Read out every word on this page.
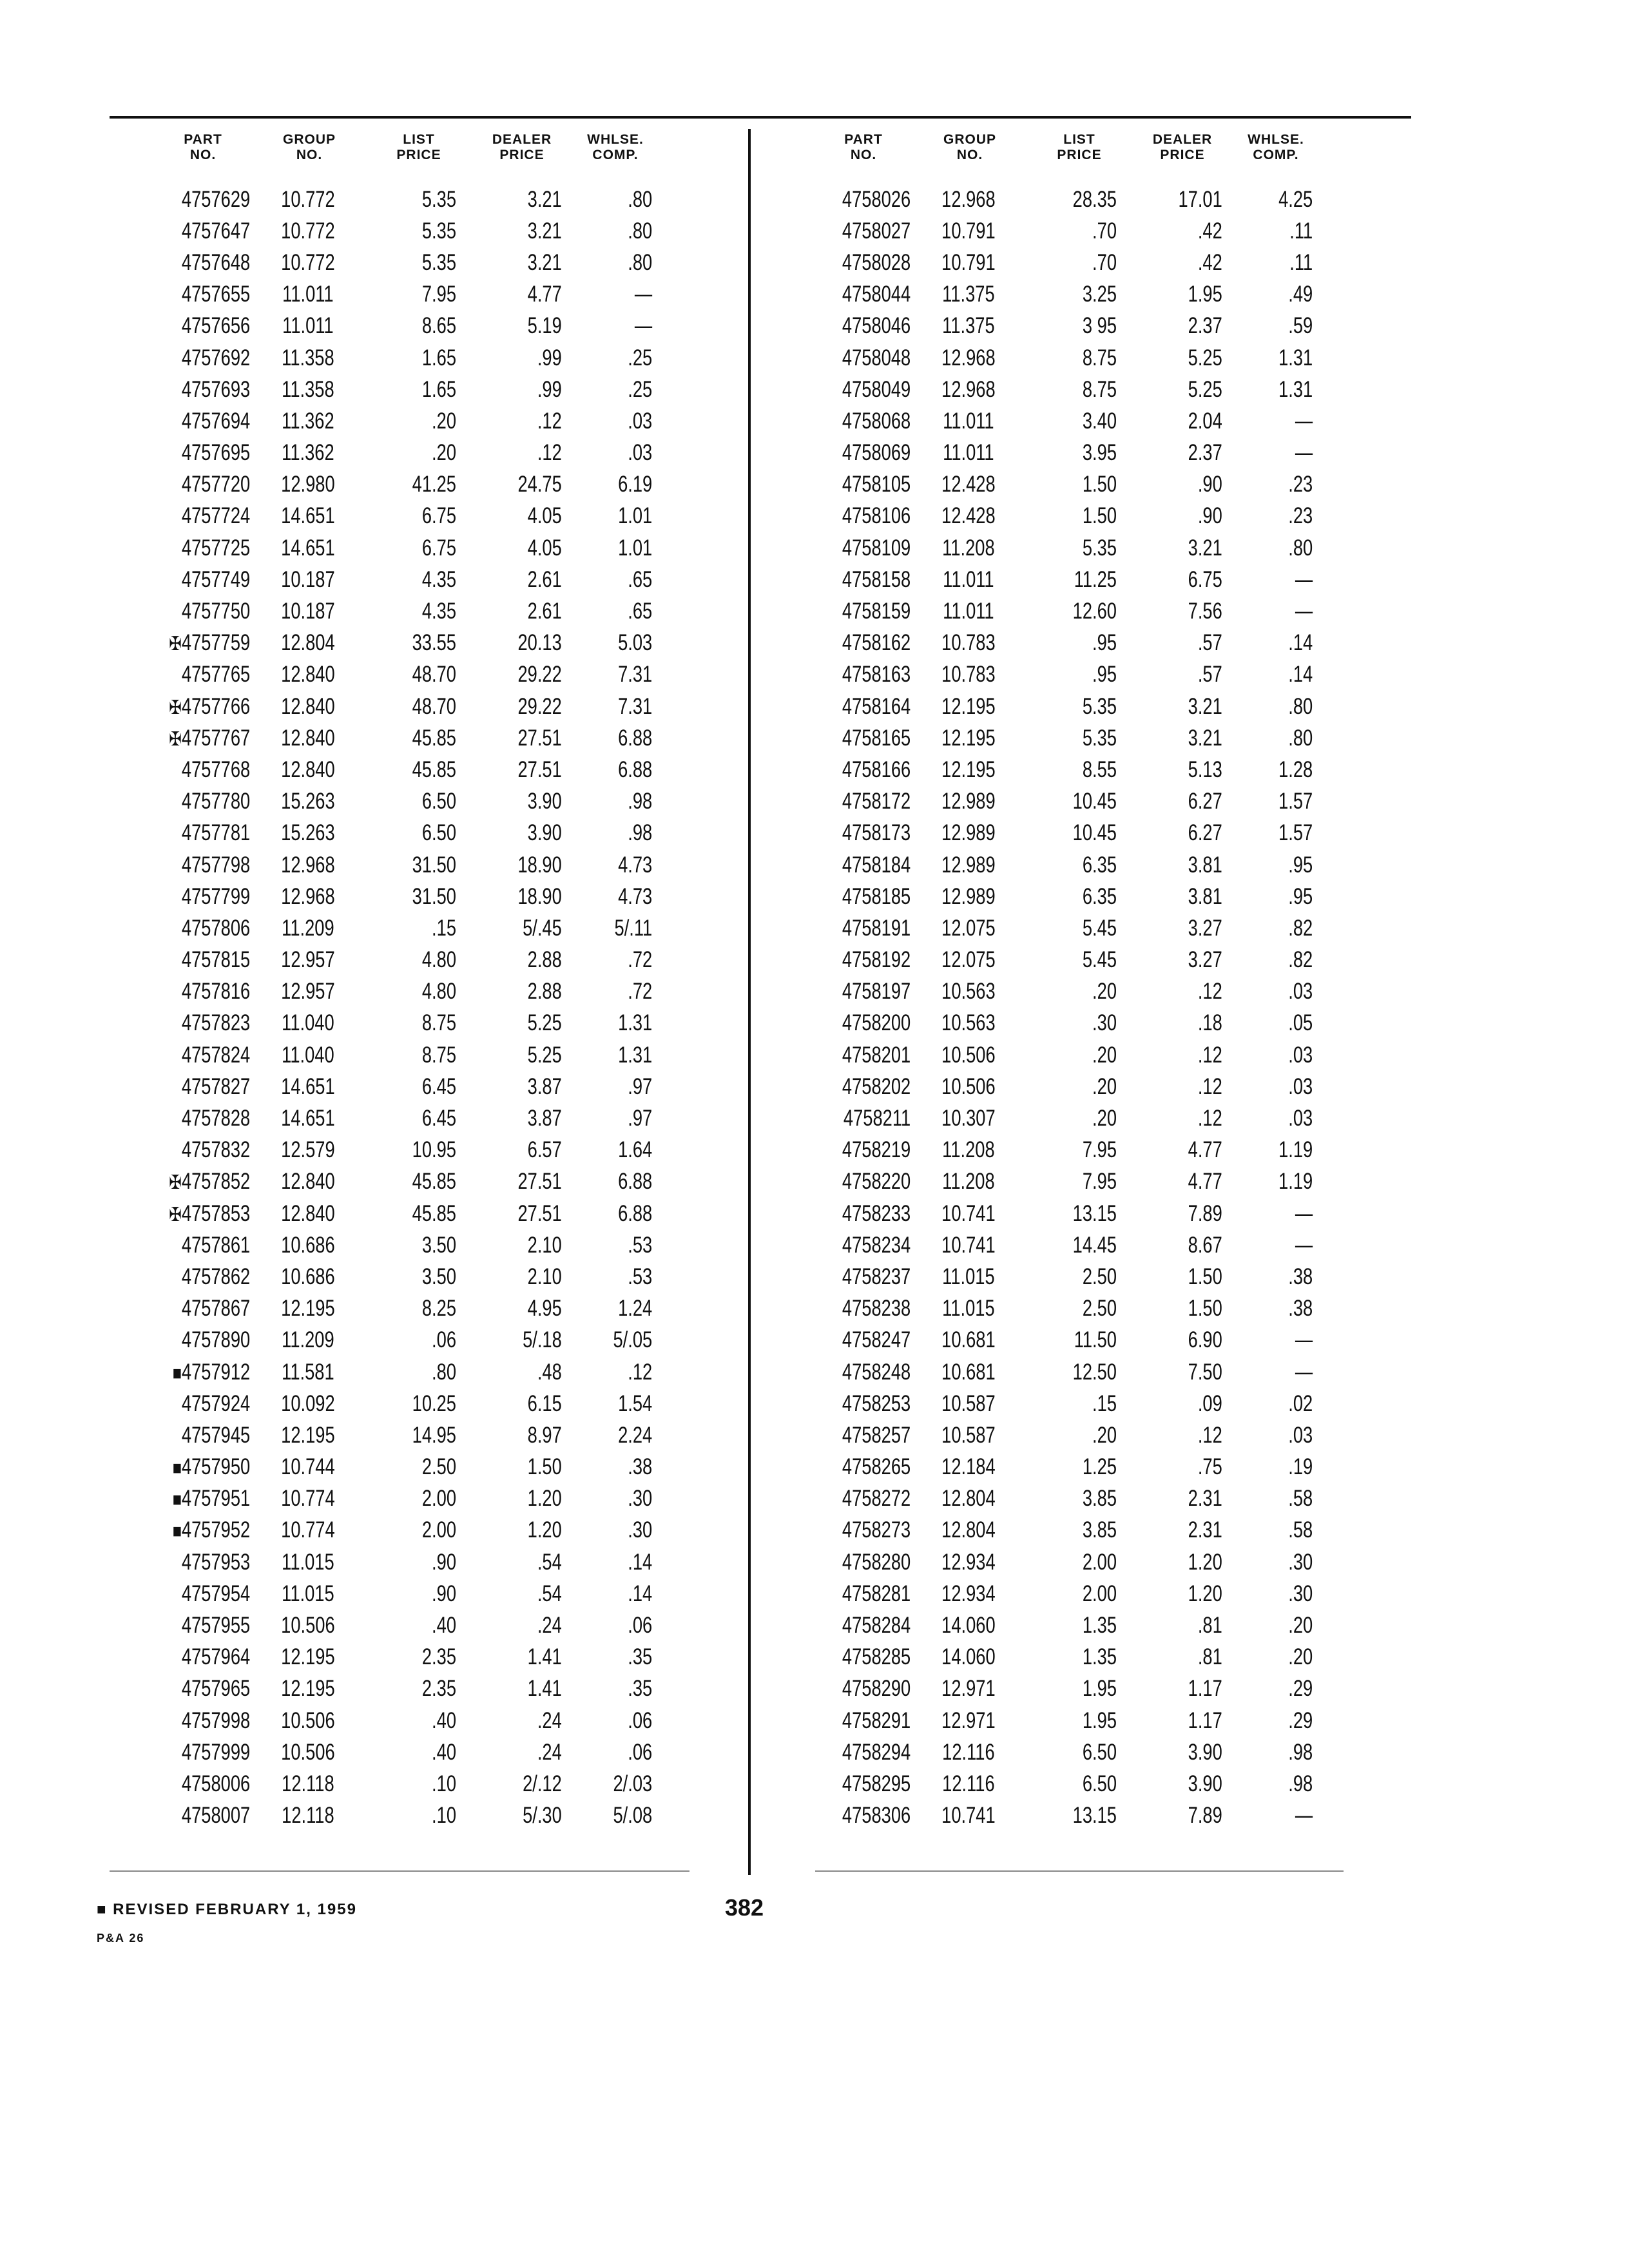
PART
NO.
GROUP
NO.
LIST
PRICE
DEALER
PRICE
WHLSE.
COMP.
4757629	10.772	5.35	3.21	.80
4757647	10.772	5.35	3.21	.80
4757648	10.772	5.35	3.21	.80
4757655	11.011	7.95	4.77	—
4757656	11.011	8.65	5.19	—
4757692	11.358	1.65	.99	.25
4757693	11.358	1.65	.99	.25
4757694	11.362	.20	.12	.03
4757695	11.362	.20	.12	.03
4757720	12.980	41.25	24.75	6.19
4757724	14.651	6.75	4.05	1.01
4757725	14.651	6.75	4.05	1.01
4757749	10.187	4.35	2.61	.65
4757750	10.187	4.35	2.61	.65
✠4757759	12.804	33.55	20.13	5.03
4757765	12.840	48.70	29.22	7.31
✠4757766	12.840	48.70	29.22	7.31
✠4757767	12.840	45.85	27.51	6.88
4757768	12.840	45.85	27.51	6.88
4757780	15.263	6.50	3.90	.98
4757781	15.263	6.50	3.90	.98
4757798	12.968	31.50	18.90	4.73
4757799	12.968	31.50	18.90	4.73
4757806	11.209	.15	5/.45	5/.11
4757815	12.957	4.80	2.88	.72
4757816	12.957	4.80	2.88	.72
4757823	11.040	8.75	5.25	1.31
4757824	11.040	8.75	5.25	1.31
4757827	14.651	6.45	3.87	.97
4757828	14.651	6.45	3.87	.97
4757832	12.579	10.95	6.57	1.64
✠4757852	12.840	45.85	27.51	6.88
✠4757853	12.840	45.85	27.51	6.88
4757861	10.686	3.50	2.10	.53
4757862	10.686	3.50	2.10	.53
4757867	12.195	8.25	4.95	1.24
4757890	11.209	.06	5/.18	5/.05
■4757912	11.581	.80	.48	.12
4757924	10.092	10.25	6.15	1.54
4757945	12.195	14.95	8.97	2.24
■4757950	10.744	2.50	1.50	.38
■4757951	10.774	2.00	1.20	.30
■4757952	10.774	2.00	1.20	.30
4757953	11.015	.90	.54	.14
4757954	11.015	.90	.54	.14
4757955	10.506	.40	.24	.06
4757964	12.195	2.35	1.41	.35
4757965	12.195	2.35	1.41	.35
4757998	10.506	.40	.24	.06
4757999	10.506	.40	.24	.06
4758006	12.118	.10	2/.12	2/.03
4758007	12.118	.10	5/.30	5/.08
PART
NO.
GROUP
NO.
LIST
PRICE
DEALER
PRICE
WHLSE.
COMP.
4758026	12.968	28.35	17.01	4.25
4758027	10.791	.70	.42	.11
4758028	10.791	.70	.42	.11
4758044	11.375	3.25	1.95	.49
4758046	11.375	3 95	2.37	.59
4758048	12.968	8.75	5.25	1.31
4758049	12.968	8.75	5.25	1.31
4758068	11.011	3.40	2.04	—
4758069	11.011	3.95	2.37	—
4758105	12.428	1.50	.90	.23
4758106	12.428	1.50	.90	.23
4758109	11.208	5.35	3.21	.80
4758158	11.011	11.25	6.75	—
4758159	11.011	12.60	7.56	—
4758162	10.783	.95	.57	.14
4758163	10.783	.95	.57	.14
4758164	12.195	5.35	3.21	.80
4758165	12.195	5.35	3.21	.80
4758166	12.195	8.55	5.13	1.28
4758172	12.989	10.45	6.27	1.57
4758173	12.989	10.45	6.27	1.57
4758184	12.989	6.35	3.81	.95
4758185	12.989	6.35	3.81	.95
4758191	12.075	5.45	3.27	.82
4758192	12.075	5.45	3.27	.82
4758197	10.563	.20	.12	.03
4758200	10.563	.30	.18	.05
4758201	10.506	.20	.12	.03
4758202	10.506	.20	.12	.03
4758211	10.307	.20	.12	.03
4758219	11.208	7.95	4.77	1.19
4758220	11.208	7.95	4.77	1.19
4758233	10.741	13.15	7.89	—
4758234	10.741	14.45	8.67	—
4758237	11.015	2.50	1.50	.38
4758238	11.015	2.50	1.50	.38
4758247	10.681	11.50	6.90	—
4758248	10.681	12.50	7.50	—
4758253	10.587	.15	.09	.02
4758257	10.587	.20	.12	.03
4758265	12.184	1.25	.75	.19
4758272	12.804	3.85	2.31	.58
4758273	12.804	3.85	2.31	.58
4758280	12.934	2.00	1.20	.30
4758281	12.934	2.00	1.20	.30
4758284	14.060	1.35	.81	.20
4758285	14.060	1.35	.81	.20
4758290	12.971	1.95	1.17	.29
4758291	12.971	1.95	1.17	.29
4758294	12.116	6.50	3.90	.98
4758295	12.116	6.50	3.90	.98
4758306	10.741	13.15	7.89	—
■ REVISED FEBRUARY 1, 1959
P&A 26
382
